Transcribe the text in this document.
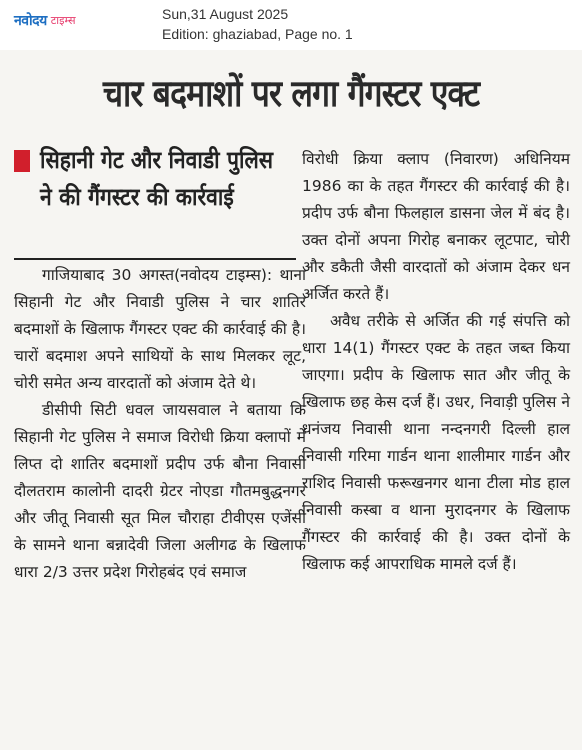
नवोदय टाइम्स	Sun,31 August 2025
Edition: ghaziabad, Page no. 1
चार बदमाशों पर लगा गैंगस्टर एक्ट
सिहानी गेट और निवाडी पुलिस ने की गैंगस्टर की कार्रवाई

गाजियाबाद 30 अगस्त(नवोदय टाइम्स): थाना सिहानी गेट और निवाडी पुलिस ने चार शातिर बदमाशों के खिलाफ गैंगस्टर एक्ट की कार्रवाई की है। चारों बदमाश अपने साथियों के साथ मिलकर लूट, चोरी समेत अन्य वारदातों को अंजाम देते थे।

डीसीपी सिटी धवल जायसवाल ने बताया कि सिहानी गेट पुलिस ने समाज विरोधी क्रिया क्लापों में लिप्त दो शातिर बदमाशों प्रदीप उर्फ बौना निवासी दौलतराम कालोनी दादरी ग्रेटर नोएडा गौतमबुद्धनगर और जीतू निवासी सूत मिल चौराहा टीवीएस एजेंसी के सामने थाना बन्नादेवी जिला अलीगढ के खिलाफ धारा 2/3 उत्तर प्रदेश गिरोहबंद एवं समाज

विरोधी क्रिया क्लाप (निवारण) अधिनियम 1986 का के तहत गैंगस्टर की कार्रवाई की है। प्रदीप उर्फ बौना फिलहाल डासना जेल में बंद है। उक्त दोनों अपना गिरोह बनाकर लूटपाट, चोरी और डकैती जैसी वारदातों को अंजाम देकर धन अर्जित करते हैं।

अवैध तरीके से अर्जित की गई संपत्ति को धारा 14(1) गैंगस्टर एक्ट के तहत जब्त किया जाएगा। प्रदीप के खिलाफ सात और जीतू के खिलाफ छह केस दर्ज हैं। उधर, निवाड़ी पुलिस ने धनंजय निवासी थाना नन्दनगरी दिल्ली हाल निवासी गरिमा गार्डन थाना शालीमार गार्डन और राशिद निवासी फरूखनगर थाना टीला मोड हाल निवासी कस्बा व थाना मुरादनगर के खिलाफ गैंगस्टर की कार्रवाई की है। उक्त दोनों के खिलाफ कई आपराधिक मामले दर्ज हैं।
